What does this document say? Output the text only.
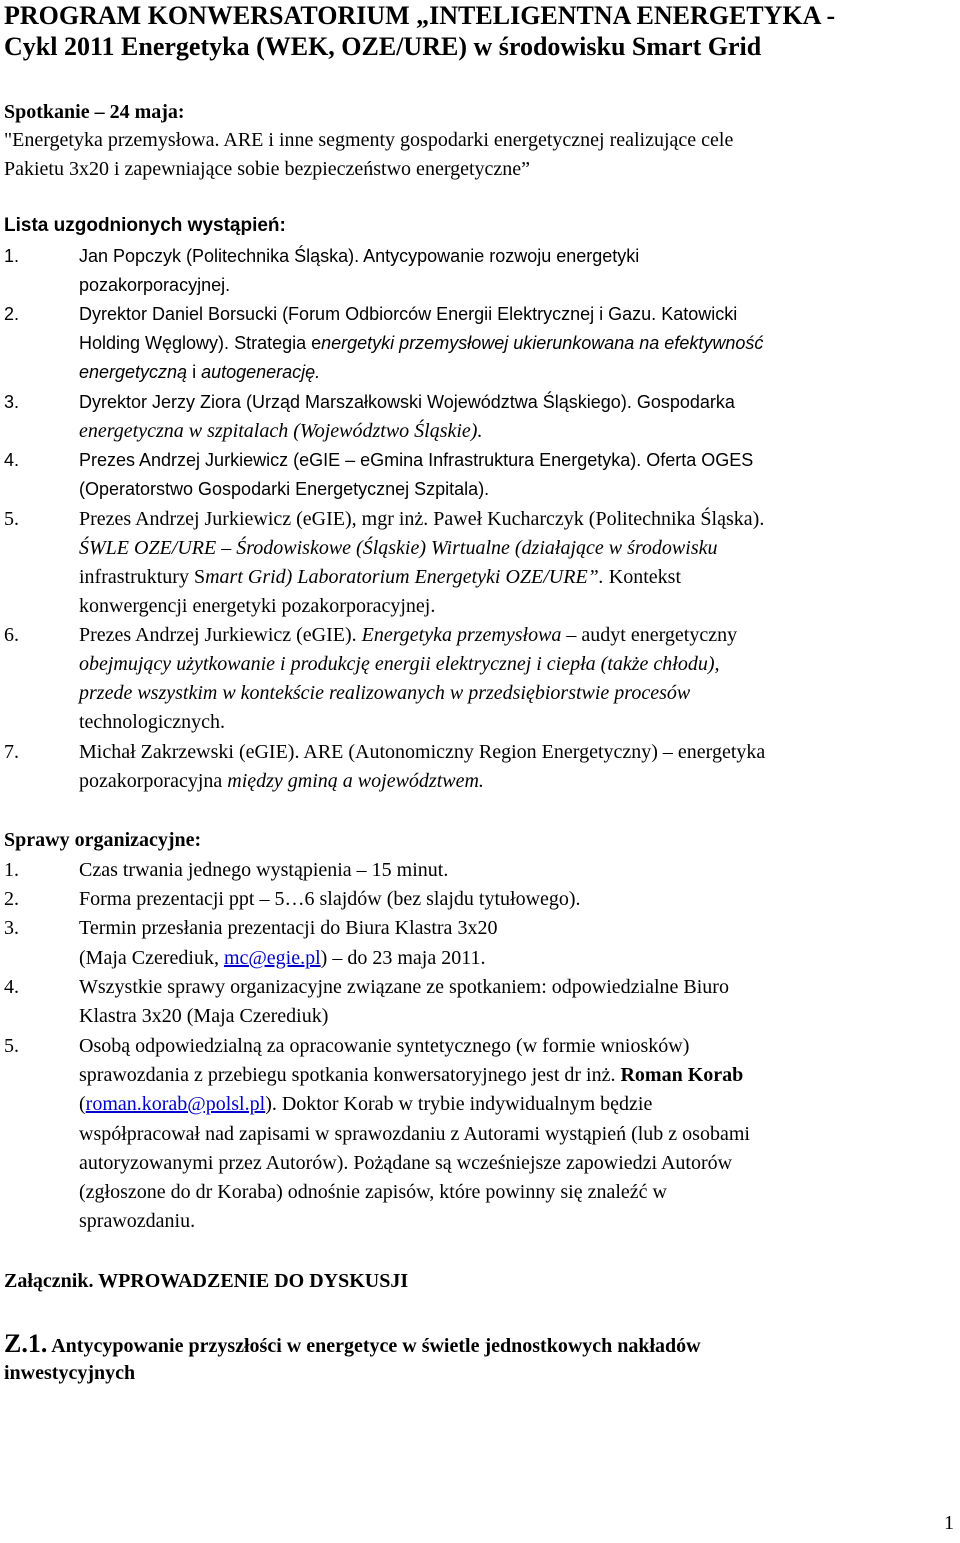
PROGRAM KONWERSATORIUM „INTELIGENTNA ENERGETYKA -
Cykl 2011 Energetyka (WEK, OZE/URE) w środowisku Smart Grid
Spotkanie – 24 maja:
"Energetyka przemysłowa. ARE i inne segmenty gospodarki energetycznej realizujące cele
Pakietu 3x20 i zapewniające sobie bezpieczeństwo energetyczne”
Lista uzgodnionych wystąpień:
1.	Jan Popczyk (Politechnika Śląska). Antycypowanie rozwoju energetyki
pozakorporacyjnej.
2.	Dyrektor Daniel Borsucki (Forum Odbiorców Energii Elektrycznej i Gazu. Katowicki
Holding Węglowy). Strategia energetyki przemysłowej ukierunkowana na efektywność
energetyczną i autogenerację.
3.	Dyrektor Jerzy Ziora (Urząd Marszałkowski Województwa Śląskiego). Gospodarka
energetyczna w szpitalach (Województwo Śląskie).
4.	Prezes Andrzej Jurkiewicz (eGIE – eGmina Infrastruktura Energetyka). Oferta OGES
(Operatorstwo Gospodarki Energetycznej Szpitala).
5.	Prezes Andrzej Jurkiewicz (eGIE), mgr inż. Paweł Kucharczyk (Politechnika Śląska).
ŚWLE OZE/URE – Środowiskowe (Śląskie) Wirtualne (działające w środowisku
infrastruktury Smart Grid) Laboratorium Energetyki OZE/URE”. Kontekst
konwergencji energetyki pozakorporacyjnej.
6.	Prezes Andrzej Jurkiewicz (eGIE). Energetyka przemysłowa – audyt energetyczny
obejmujący użytkowanie i produkcję energii elektrycznej i ciepła (także chłodu),
przede wszystkim w kontekście realizowanych w przedsiębiorstwie procesów
technologicznych.
7.	Michał Zakrzewski (eGIE). ARE (Autonomiczny Region Energetyczny) – energetyka
pozakorporacyjna między gminą a województwem.
Sprawy organizacyjne:
1.	Czas trwania jednego wystąpienia – 15 minut.
2.	Forma prezentacji ppt – 5…6 slajdów (bez slajdu tytułowego).
3.	Termin przesłania prezentacji do Biura Klastra 3x20
(Maja Czerediuk, mc@egie.pl) – do 23 maja 2011.
4.	Wszystkie sprawy organizacyjne związane ze spotkaniem: odpowiedzialne Biuro
Klastra 3x20 (Maja Czerediuk)
5.	Osobą odpowiedzialną za opracowanie syntetycznego (w formie wniosków)
sprawozdania z przebiegu spotkania konwersatoryjnego jest dr inż. Roman Korab
(roman.korab@polsl.pl). Doktor Korab w trybie indywidualnym będzie
współpracował nad zapisami w sprawozdaniu z Autorami wystąpień (lub z osobami
autoryzowanymi przez Autorów). Pożądane są wcześniejsze zapowiedzi Autorów
(zgłoszone do dr Koraba) odnośnie zapisów, które powinny się znaleźć w
sprawozdaniu.
Załącznik. WPROWADZENIE DO DYSKUSJI
Z.1. Antycypowanie przyszłości w energetyce w świetle jednostkowych nakładów
inwestycyjnych
1
